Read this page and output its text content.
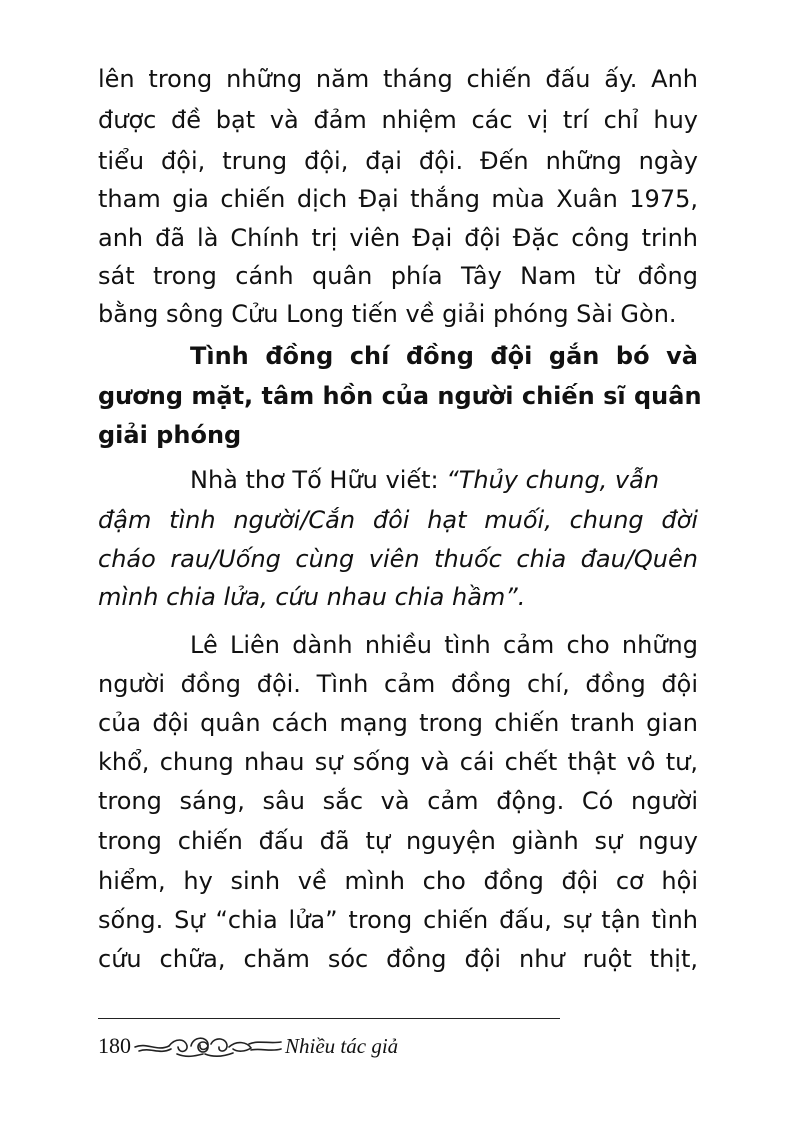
lên trong những năm tháng chiến đấu ấy. Anh
được đề bạt và đảm nhiệm các vị trí chỉ huy
tiểu đội, trung đội, đại đội. Đến những ngày
tham gia chiến dịch Đại thắng mùa Xuân 1975,
anh đã là Chính trị viên Đại đội Đặc công trinh
sát trong cánh quân phía Tây Nam từ đồng
bằng sông Cửu Long tiến về giải phóng Sài Gòn.
Tình đồng chí đồng đội gắn bó và
gương mặt, tâm hồn của người chiến sĩ quân
giải phóng
Nhà thơ Tố Hữu viết: “Thủy chung, vẫn
đậm tình người/Cắn đôi hạt muối, chung đời
cháo rau/Uống cùng viên thuốc chia đau/Quên
mình chia lửa, cứu nhau chia hầm”.
Lê Liên dành nhiều tình cảm cho những
người đồng đội. Tình cảm đồng chí, đồng đội
của đội quân cách mạng trong chiến tranh gian
khổ, chung nhau sự sống và cái chết thật vô tư,
trong sáng, sâu sắc và cảm động. Có người
trong chiến đấu đã tự nguyện giành sự nguy
hiểm, hy sinh về mình cho đồng đội cơ hội
sống. Sự “chia lửa” trong chiến đấu, sự tận tình
cứu chữa, chăm sóc đồng đội như ruột thịt,
180	Nhiều tác giả
